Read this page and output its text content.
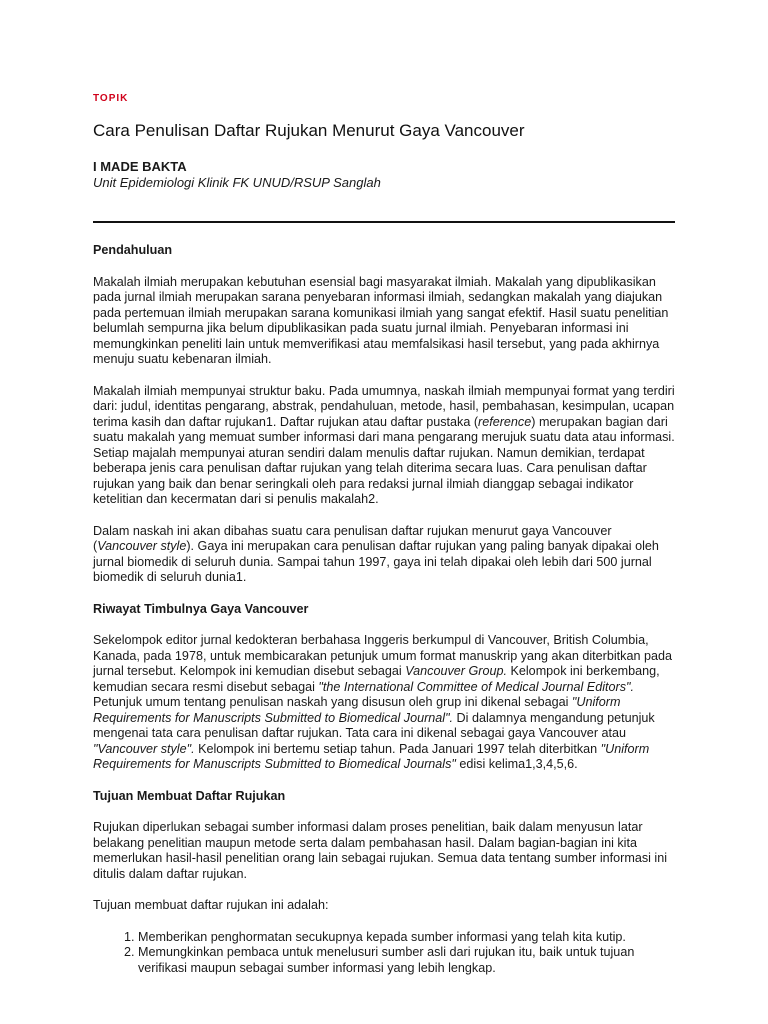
TOPIK
Cara Penulisan Daftar Rujukan Menurut Gaya Vancouver
I MADE BAKTA
Unit Epidemiologi Klinik FK UNUD/RSUP Sanglah
Pendahuluan

Makalah ilmiah merupakan kebutuhan esensial bagi masyarakat ilmiah. Makalah yang dipublikasikan pada jurnal ilmiah merupakan sarana penyebaran informasi ilmiah, sedangkan makalah yang diajukan pada pertemuan ilmiah merupakan sarana komunikasi ilmiah yang sangat efektif. Hasil suatu penelitian belumlah sempurna jika belum dipublikasikan pada suatu jurnal ilmiah. Penyebaran informasi ini memungkinkan peneliti lain untuk memverifikasi atau memfalsikasi hasil tersebut, yang pada akhirnya menuju suatu kebenaran ilmiah.

Makalah ilmiah mempunyai struktur baku. Pada umumnya, naskah ilmiah mempunyai format yang terdiri dari: judul, identitas pengarang, abstrak, pendahuluan, metode, hasil, pembahasan, kesimpulan, ucapan terima kasih dan daftar rujukan1. Daftar rujukan atau daftar pustaka (reference) merupakan bagian dari suatu makalah yang memuat sumber informasi dari mana pengarang merujuk suatu data atau informasi. Setiap majalah mempunyai aturan sendiri dalam menulis daftar rujukan. Namun demikian, terdapat beberapa jenis cara penulisan daftar rujukan yang telah diterima secara luas. Cara penulisan daftar rujukan yang baik dan benar seringkali oleh para redaksi jurnal ilmiah dianggap sebagai indikator ketelitian dan kecermatan dari si penulis makalah2.

Dalam naskah ini akan dibahas suatu cara penulisan daftar rujukan menurut gaya Vancouver (Vancouver style). Gaya ini merupakan cara penulisan daftar rujukan yang paling banyak dipakai oleh jurnal biomedik di seluruh dunia. Sampai tahun 1997, gaya ini telah dipakai oleh lebih dari 500 jurnal biomedik di seluruh dunia1.

Riwayat Timbulnya Gaya Vancouver

Sekelompok editor jurnal kedokteran berbahasa Inggeris berkumpul di Vancouver, British Columbia, Kanada, pada 1978, untuk membicarakan petunjuk umum format manuskrip yang akan diterbitkan pada jurnal tersebut. Kelompok ini kemudian disebut sebagai Vancouver Group. Kelompok ini berkembang, kemudian secara resmi disebut sebagai "the International Committee of Medical Journal Editors". Petunjuk umum tentang penulisan naskah yang disusun oleh grup ini dikenal sebagai "Uniform Requirements for Manuscripts Submitted to Biomedical Journal". Di dalamnya mengandung petunjuk mengenai tata cara penulisan daftar rujukan. Tata cara ini dikenal sebagai gaya Vancouver atau "Vancouver style". Kelompok ini bertemu setiap tahun. Pada Januari 1997 telah diterbitkan "Uniform Requirements for Manuscripts Submitted to Biomedical Journals" edisi kelima1,3,4,5,6.

Tujuan Membuat Daftar Rujukan

Rujukan diperlukan sebagai sumber informasi dalam proses penelitian, baik dalam menyusun latar belakang penelitian maupun metode serta dalam pembahasan hasil. Dalam bagian-bagian ini kita memerlukan hasil-hasil penelitian orang lain sebagai rujukan. Semua data tentang sumber informasi ini ditulis dalam daftar rujukan.

Tujuan membuat daftar rujukan ini adalah:

1. Memberikan penghormatan secukupnya kepada sumber informasi yang telah kita kutip.
2. Memungkinkan pembaca untuk menelusuri sumber asli dari rujukan itu, baik untuk tujuan verifikasi maupun sebagai sumber informasi yang lebih lengkap.
